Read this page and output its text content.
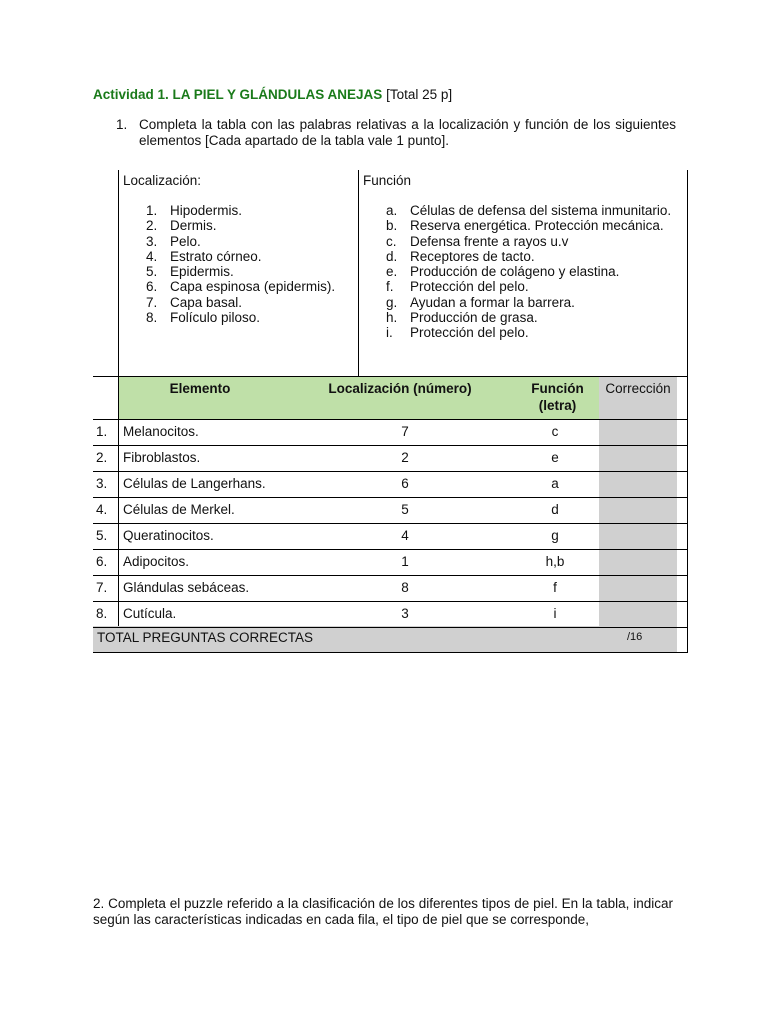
Actividad 1. LA PIEL Y GLÁNDULAS ANEJAS [Total 25 p]
1. Completa la tabla con las palabras relativas a la localización y función de los siguientes elementos [Cada apartado de la tabla vale 1 punto].
Localización:
1. Hipodermis.
2. Dermis.
3. Pelo.
4. Estrato córneo.
5. Epidermis.
6. Capa espinosa (epidermis).
7. Capa basal.
8. Folículo piloso.
Función
a. Células de defensa del sistema inmunitario.
b. Reserva energética. Protección mecánica.
c. Defensa frente a rayos u.v
d. Receptores de tacto.
e. Producción de colágeno y elastina.
f. Protección del pelo.
g. Ayudan a formar la barrera.
h. Producción de grasa.
i. Protección del pelo.
Elemento	Localización (número)	Función
(letra)
Corrección
1. Melanocitos.	7	c
2. Fibroblastos.	2	e
3. Células de Langerhans.	6	a
4. Células de Merkel.	5	d
5. Queratinocitos.	4	g
6. Adipocitos.	1	h,b
7. Glándulas sebáceas.	8	f
8. Cutícula.	3	i
TOTAL PREGUNTAS CORRECTAS	/16
2. Completa el puzzle referido a la clasificación de los diferentes tipos de piel. En la tabla, indicar según las características indicadas en cada fila, el tipo de piel que se corresponde,
